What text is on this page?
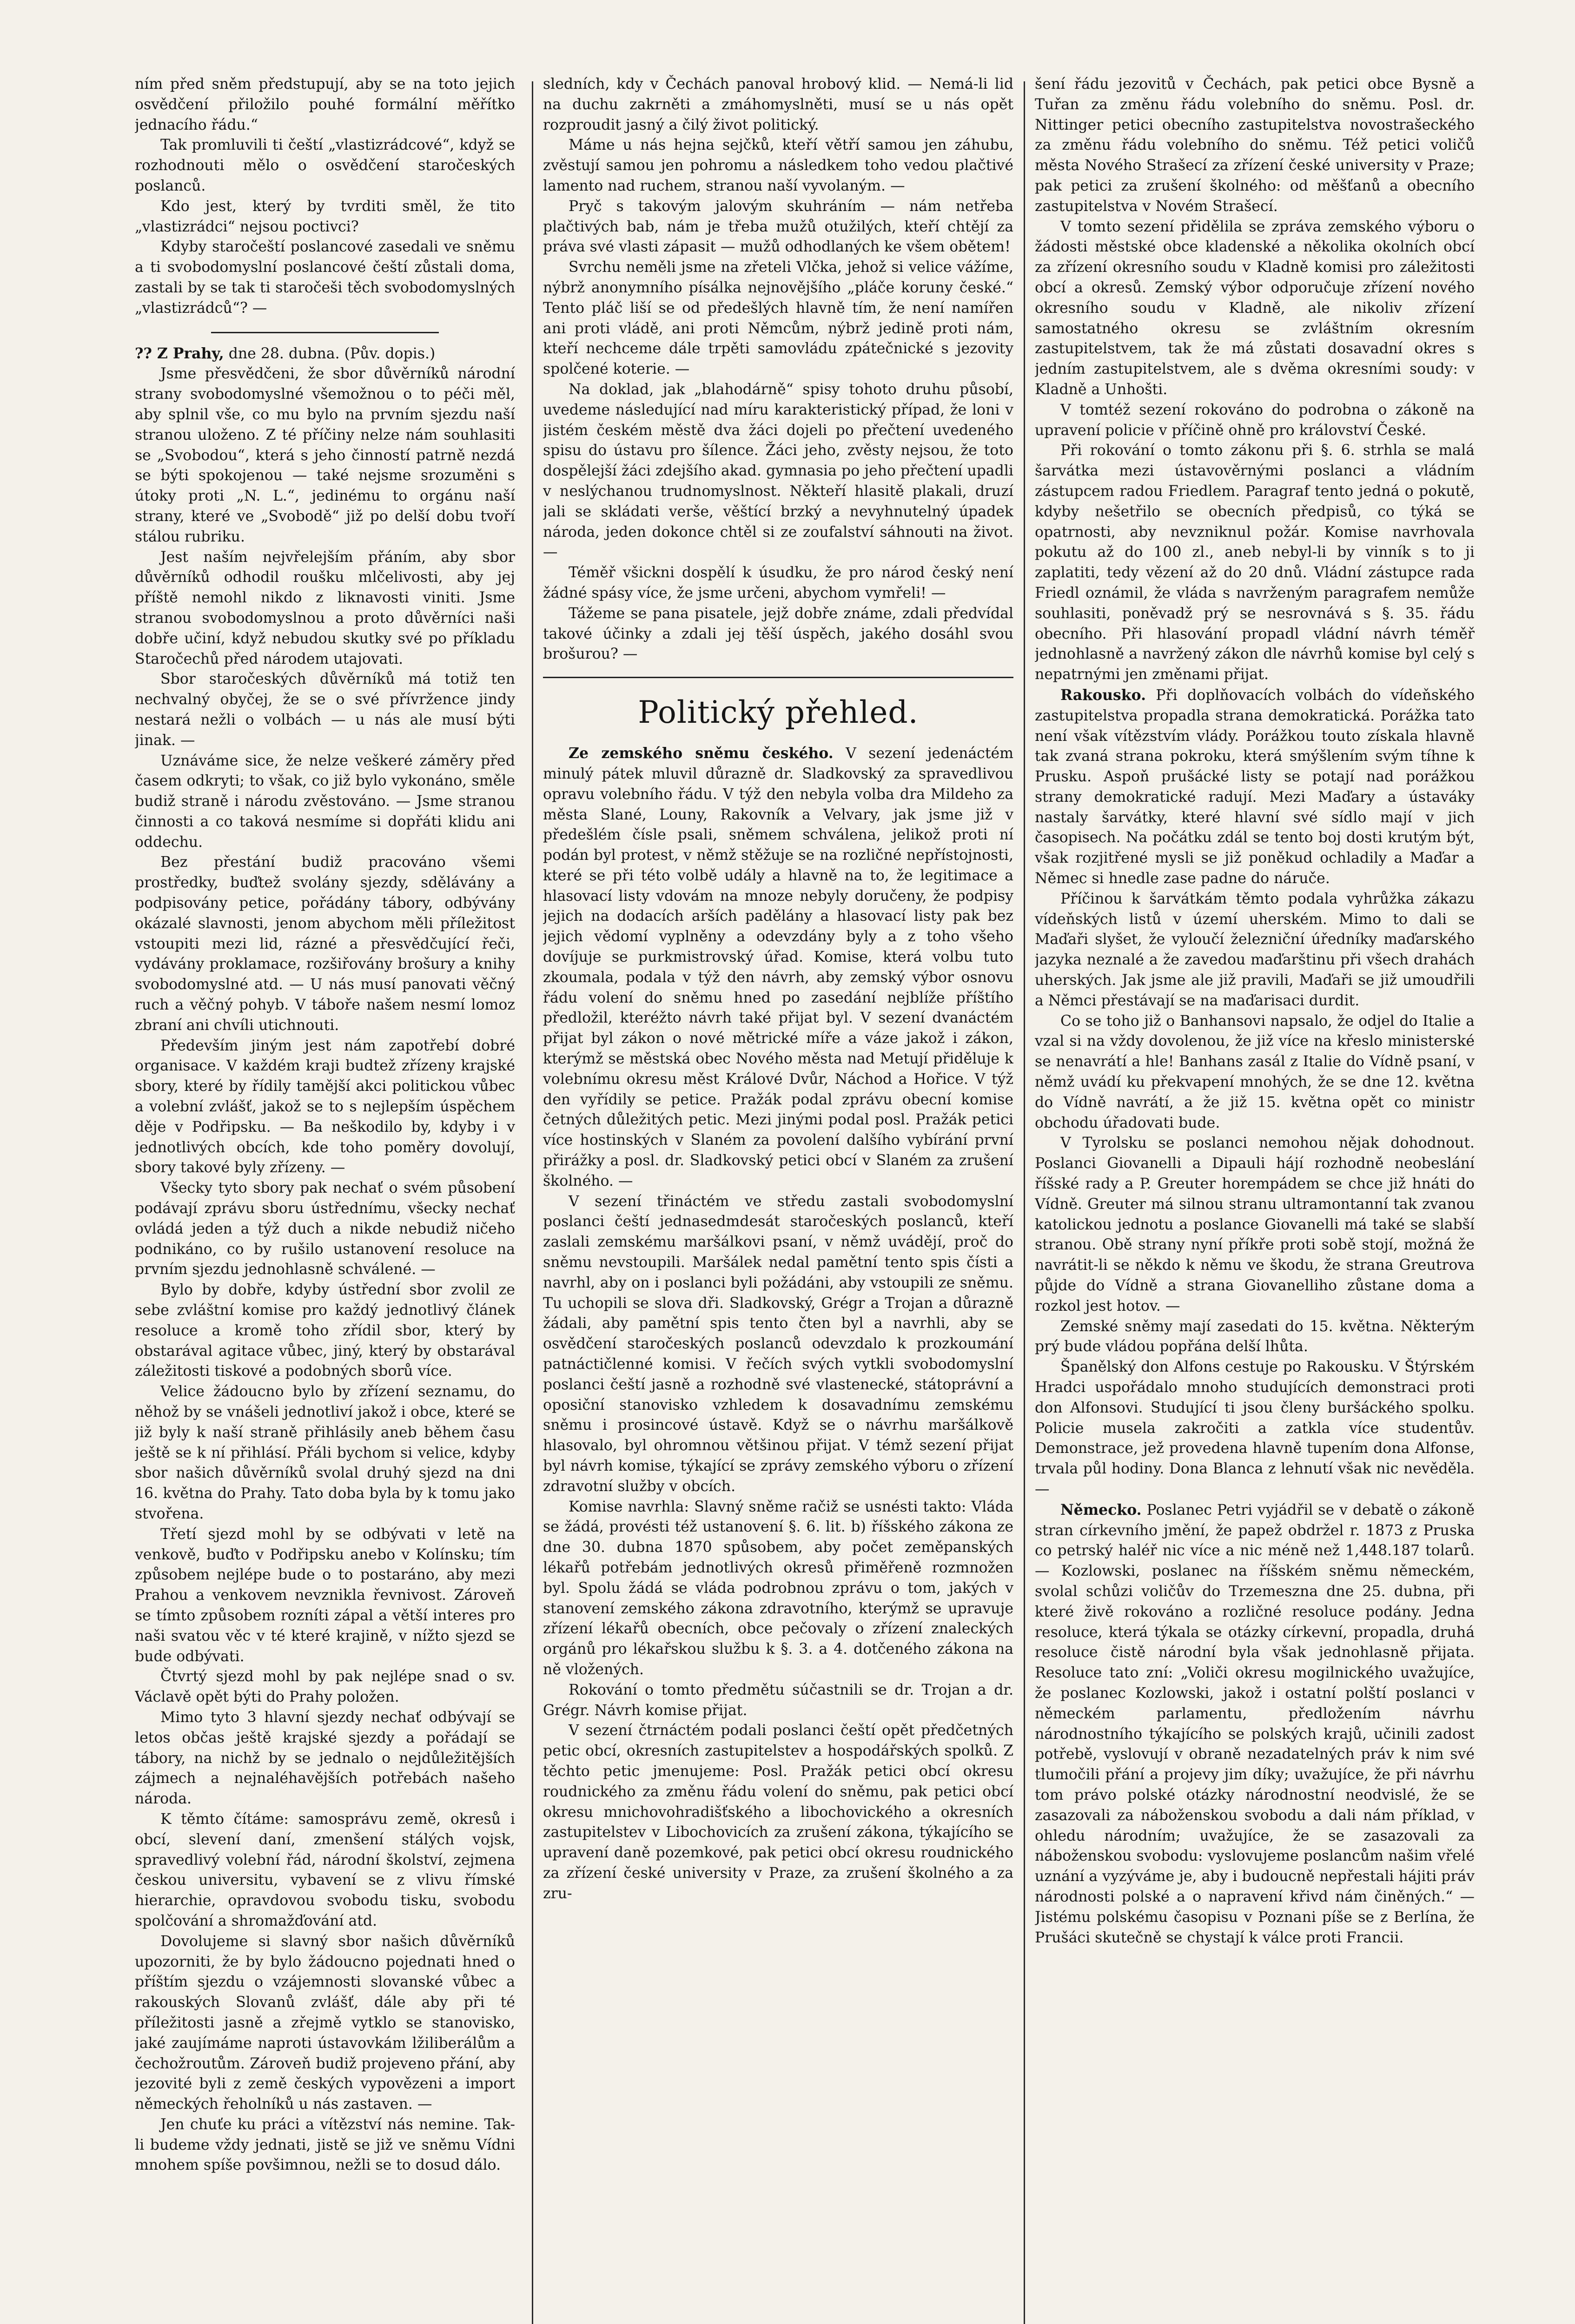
ním před sněm předstupují, aby se na toto jejich osvědčení přiložilo pouhé formální měřítko jednacího řádu.“

Tak promluvili ti čeští „vlastizrádcové“, když se rozhodnouti mělo o osvědčení staročeských poslanců.

Kdo jest, který by tvrditi směl, že tito „vlastizrádci“ nejsou poctivci?

Kdyby staročeští poslancové zasedali ve sněmu a ti svobodomyslní poslancové čeští zůstali doma, zastali by se tak ti staročeši těch svobodomyslných „vlastizrádců“? —

?? Z Prahy, dne 28. dubna. (Pův. dopis.)

Jsme přesvědčeni, že sbor důvěrníků národní strany svobodomyslné všemožnou o to péči měl, aby splnil vše, co mu bylo na prvním sjezdu naší stranou uloženo. Z té příčiny nelze nám souhlasiti se „Svobodou“, která s jeho činností patrně nezdá se býti spokojenou — také nejsme srozuměni s útoky proti „N. L.“, jedinému to orgánu naší strany, které ve „Svobodě“ již po delší dobu tvoří stálou rubriku.

Jest naším nejvřelejším přáním, aby sbor důvěrníků odhodil roušku mlčelivosti, aby jej příště nemohl nikdo z liknavosti viniti. Jsme stranou svobodomyslnou a proto důvěrníci naši dobře učiní, když nebudou skutky své po příkladu Staročechů před národem utajovati.

Sbor staročeských důvěrníků má totiž ten nechvalný obyčej, že se o své přívržence jindy nestará nežli o volbách — u nás ale musí býti jinak. —

Uznáváme sice, že nelze veškeré záměry před časem odkryti; to však, co již bylo vykonáno, směle budiž straně i národu zvěstováno. — Jsme stranou činnosti a co taková nesmíme si dopřáti klidu ani oddechu.

Bez přestání budiž pracováno všemi prostředky, buďtež svolány sjezdy, sdělávány a podpisovány petice, pořádány tábory, odbývány okázalé slavnosti, jenom abychom měli příležitost vstoupiti mezi lid, rázné a přesvědčující řeči, vydávány proklamace, rozšiřovány brošury a knihy svobodomyslné atd. — U nás musí panovati věčný ruch a věčný pohyb. V táboře našem nesmí lomoz zbraní ani chvíli utichnouti.

Především jiným jest nám zapotřebí dobré organisace. V každém kraji budtež zřízeny krajské sbory, které by řídily tamější akci politickou vůbec a volební zvlášť, jakož se to s nejlepším úspěchem děje v Podřipsku. — Ba neškodilo by, kdyby i v jednotlivých obcích, kde toho poměry dovolují, sbory takové byly zřízeny. —

Všecky tyto sbory pak nechať o svém působení podávají zprávu sboru ústřednímu, všecky nechať ovládá jeden a týž duch a nikde nebudiž ničeho podnikáno, co by rušilo ustanovení resoluce na prvním sjezdu jednohlasně schválené. —

Bylo by dobře, kdyby ústřední sbor zvolil ze sebe zvláštní komise pro každý jednotlivý článek resoluce a kromě toho zřídil sbor, který by obstarával agitace vůbec, jiný, který by obstarával záležitosti tiskové a podobných sborů více.

Velice žádoucno bylo by zřízení seznamu, do něhož by se vnášeli jednotliví jakož i obce, které se již byly k naší straně přihlásily aneb během času ještě se k ní přihlásí. Přáli bychom si velice, kdyby sbor našich důvěrníků svolal druhý sjezd na dni 16. května do Prahy. Tato doba byla by k tomu jako stvořena.

Třetí sjezd mohl by se odbývati v letě na venkově, buďto v Podřipsku anebo v Kolínsku; tím způsobem nejlépe bude o to postaráno, aby mezi Prahou a venkovem nevznikla řevnivost. Zároveň se tímto způsobem rozníti zápal a větší interes pro naši svatou věc v té které krajině, v nížto sjezd se bude odbývati.

Čtvrtý sjezd mohl by pak nejlépe snad o sv. Václavě opět býti do Prahy položen.

Mimo tyto 3 hlavní sjezdy nechať odbývají se letos občas ještě krajské sjezdy a pořádají se tábory, na nichž by se jednalo o nejdůležitějších zájmech a nejnaléhavějších potřebách našeho národa.

K těmto čítáme: samosprávu země, okresů i obcí, slevení daní, zmenšení stálých vojsk, spravedlivý volební řád, národní školství, zejmena českou universitu, vybavení se z vlivu římské hierarchie, opravdovou svobodu tisku, svobodu spolčování a shromažďování atd.

Dovolujeme si slavný sbor našich důvěrníků upozorniti, že by bylo žádoucno pojednati hned o příštím sjezdu o vzájemnosti slovanské vůbec a rakouských Slovanů zvlášť, dále aby při té příležitosti jasně a zřejmě vytklo se stanovisko, jaké zaujímáme naproti ústavovkám lžiliberálům a čechožroutům. Zároveň budiž projeveno přání, aby jezovité byli z země českých vypovězeni a import německých řeholníků u nás zastaven. —

Jen chuťe ku práci a vítězství nás nemine. Tak-li budeme vždy jednati, jistě se již ve sněmu Vídni mnohem spíše povšimnou, nežli se to dosud dálo.

sledních, kdy v Čechách panoval hrobový klid. — Nemá-li lid na duchu zakrněti a zmáhomyslněti, musí se u nás opět rozproudit jasný a čilý život politický.

Máme u nás hejna sejčků, kteří větří samou jen záhubu, zvěstují samou jen pohromu a následkem toho vedou plačtivé lamento nad ruchem, stranou naší vyvolaným. —

Pryč s takovým jalovým skuhráním — nám netřeba plačtivých bab, nám je třeba mužů otužilých, kteří chtějí za práva své vlasti zápasit — mužů odhodlaných ke všem obětem!

Svrchu neměli jsme na zřeteli Vlčka, jehož si velice vážíme, nýbrž anonymního písálka nejnovějšího „pláče koruny české.“ Tento pláč liší se od předešlých hlavně tím, že není namířen ani proti vládě, ani proti Němcům, nýbrž jedině proti nám, kteří nechceme dále trpěti samovládu zpátečnické s jezovity spolčené koterie. —

Na doklad, jak „blahodárně“ spisy tohoto druhu působí, uvedeme následující nad míru karakteristický případ, že loni v jistém českém městě dva žáci dojeli po přečtení uvedeného spisu do ústavu pro šílence. Žáci jeho, zvěsty nejsou, že toto dospělejší žáci zdejšího akad. gymnasia po jeho přečtení upadli v neslýchanou trudnomyslnost. Někteří hlasitě plakali, druzí jali se skládati verše, věštící brzký a nevyhnutelný úpadek národa, jeden dokonce chtěl si ze zoufalství sáhnouti na život. —

Téměř všickni dospělí k úsudku, že pro národ český není žádné spásy více, že jsme určeni, abychom vymřeli! —

Tážeme se pana pisatele, jejž dobře známe, zdali předvídal takové účinky a zdali jej těší úspěch, jakého dosáhl svou brošurou? —

Politický přehled.

Ze zemského sněmu českého. V sezení jedenáctém minulý pátek mluvil důrazně dr. Sladkovský za spravedlivou opravu volebního řádu. V týž den nebyla volba dra Mildeho za města Slané, Louny, Rakovník a Velvary, jak jsme již v předešlém čísle psali, sněmem schválena, jelikož proti ní podán byl protest, v němž stěžuje se na rozličné nepřístojnosti, které se při této volbě udály a hlavně na to, že legitimace a hlasovací listy vdovám na mnoze nebyly doručeny, že podpisy jejich na dodacích arších padělány a hlasovací listy pak bez jejich vědomí vyplněny a odevzdány byly a z toho všeho dovíjuje se purkmistrovský úřad. Komise, která volbu tuto zkoumala, podala v týž den návrh, aby zemský výbor osnovu řádu volení do sněmu hned po zasedání nejblíže příštího předložil, kteréžto návrh také přijat byl. V sezení dvanáctém přijat byl zákon o nové mětrické míře a váze jakož i zákon, kterýmž se městská obec Nového města nad Metují přiděluje k volebnímu okresu měst Králové Dvůr, Náchod a Hořice. V týž den vyřídily se petice. Pražák podal zprávu obecní komise četných důležitých petic. Mezi jinými podal posl. Pražák petici více hostinských v Slaném za povolení dalšího vybírání první přirážky a posl. dr. Sladkovský petici obcí v Slaném za zrušení školného. —

V sezení třináctém ve středu zastali svobodomyslní poslanci čeští jednasedmdesát staročeských poslanců, kteří zaslali zemskému maršálkovi psaní, v němž uvádějí, proč do sněmu nevstoupili. Maršálek nedal pamětní tento spis čísti a navrhl, aby on i poslanci byli požádáni, aby vstoupili ze sněmu. Tu uchopili se slova dři. Sladkovský, Grégr a Trojan a důrazně žádali, aby pamětní spis tento čten byl a navrhli, aby se osvědčení staročeských poslanců odevzdalo k prozkoumání patnáctičlenné komisi. V řečích svých vytkli svobodomyslní poslanci čeští jasně a rozhodně své vlastenecké, státoprávní a oposiční stanovisko vzhledem k dosavadnímu zemskému sněmu i prosincové ústavě. Když se o návrhu maršálkově hlasovalo, byl ohromnou většinou přijat. V témž sezení přijat byl návrh komise, týkající se zprávy zemského výboru o zřízení zdravotní služby v obcích.

Komise navrhla: Slavný sněme račiž se usnésti takto: Vláda se žádá, provésti též ustanovení §. 6. lit. b) říšského zákona ze dne 30. dubna 1870 spůsobem, aby počet zeměpanských lékařů potřebám jednotlivých okresů přiměřeně rozmnožen byl. Spolu žádá se vláda podrobnou zprávu o tom, jakých v stanovení zemského zákona zdravotního, kterýmž se upravuje zřízení lékařů obecních, obce pečovaly o zřízení znaleckých orgánů pro lékařskou službu k §. 3. a 4. dotčeného zákona na ně vložených.

Rokování o tomto předmětu súčastnili se dr. Trojan a dr. Grégr. Návrh komise přijat.

V sezení čtrnáctém podali poslanci čeští opět předčetných petic obcí, okresních zastupitelstev a hospodářských spolků. Z těchto petic jmenujeme: Posl. Pražák petici obcí okresu roudnického za změnu řádu volení do sněmu, pak petici obcí okresu mnichovohradišťského a libochovického a okresních zastupitelstev v Libochovicích za zrušení zákona, týkajícího se upravení daně pozemkové, pak petici obcí okresu roudnického za zřízení české university v Praze, za zrušení školného a za zru-

šení řádu jezovitů v Čechách, pak petici obce Bysně a Tuřan za změnu řádu volebního do sněmu. Posl. dr. Nittinger petici obecního zastupitelstva novostrašeckého za změnu řádu volebního do sněmu. Též petici voličů města Nového Strašecí za zřízení české university v Praze; pak petici za zrušení školného: od měšťanů a obecního zastupitelstva v Novém Strašecí.

V tomto sezení přidělila se zpráva zemského výboru o žádosti městské obce kladenské a několika okolních obcí za zřízení okresního soudu v Kladně komisi pro záležitosti obcí a okresů. Zemský výbor odporučuje zřízení nového okresního soudu v Kladně, ale nikoliv zřízení samostatného okresu se zvláštním okresním zastupitelstvem, tak že má zůstati dosavadní okres s jedním zastupitelstvem, ale s dvěma okresními soudy: v Kladně a Unhošti.

V tomtéž sezení rokováno do podrobna o zákoně na upravení policie v příčině ohně pro království České.

Při rokování o tomto zákonu při §. 6. strhla se malá šarvátka mezi ústavověrnými poslanci a vládním zástupcem radou Friedlem. Paragraf tento jedná o pokutě, kdyby nešetřilo se obecních předpisů, co týká se opatrnosti, aby nevzniknul požár. Komise navrhovala pokutu až do 100 zl., aneb nebyl-li by vinník s to ji zaplatiti, tedy vězení až do 20 dnů. Vládní zástupce rada Friedl oznámil, že vláda s navrženým paragrafem nemůže souhlasiti, poněvadž prý se nesrovnává s §. 35. řádu obecního. Při hlasování propadl vládní návrh téměř jednohlasně a navržený zákon dle návrhů komise byl celý s nepatrnými jen změnami přijat.

Rakousko. Při doplňovacích volbách do vídeňského zastupitelstva propadla strana demokratická. Porážka tato není však vítězstvím vlády. Porážkou touto získala hlavně tak zvaná strana pokroku, která smýšlením svým tíhne k Prusku. Aspoň prušácké listy se potají nad porážkou strany demokratické radují. Mezi Maďary a ústaváky nastaly šarvátky, které hlavní své sídlo mají v jich časopisech. Na počátku zdál se tento boj dosti krutým být, však rozjitřené mysli se již poněkud ochladily a Maďar a Němec si hnedle zase padne do náruče.

Příčinou k šarvátkám těmto podala vyhrůžka zákazu vídeňských listů v území uherském. Mimo to dali se Maďaři slyšet, že vyloučí železniční úředníky maďarského jazyka neznalé a že zavedou maďarštinu při všech drahách uherských. Jak jsme ale již pravili, Maďaři se již umoudřili a Němci přestávají se na maďarisaci durdit.

Co se toho již o Banhansovi napsalo, že odjel do Italie a vzal si na vždy dovolenou, že již více na křeslo ministerské se nenavrátí a hle! Banhans zasál z Italie do Vídně psaní, v němž uvádí ku překvapení mnohých, že se dne 12. května do Vídně navrátí, a že již 15. května opět co ministr obchodu úřadovati bude.

V Tyrolsku se poslanci nemohou nějak dohodnout. Poslanci Giovanelli a Dipauli hájí rozhodně neobeslání říšské rady a P. Greuter horempádem se chce již hnáti do Vídně. Greuter má silnou stranu ultramontanní tak zvanou katolickou jednotu a poslance Giovanelli má také se slabší stranou. Obě strany nyní příkře proti sobě stojí, možná že navrátit-li se někdo k němu ve škodu, že strana Greutrova půjde do Vídně a strana Giovanelliho zůstane doma a rozkol jest hotov. —

Zemské sněmy mají zasedati do 15. května. Některým prý bude vládou popřána delší lhůta.

Španělský don Alfons cestuje po Rakousku. V Štýrském Hradci uspořádalo mnoho studujících demonstraci proti don Alfonsovi. Studující ti jsou členy buršáckého spolku. Policie musela zakročiti a zatkla více studentův. Demonstrace, jež provedena hlavně tupením dona Alfonse, trvala půl hodiny. Dona Blanca z lehnutí však nic nevěděla. —

Německo. Poslanec Petri vyjádřil se v debatě o zákoně stran církevního jmění, že papež obdržel r. 1873 z Pruska co petrský haléř nic více a nic méně než 1,448.187 tolarů. — Kozlowski, poslanec na říšském sněmu německém, svolal schůzi voličův do Trzemeszna dne 25. dubna, při které živě rokováno a rozličné resoluce podány. Jedna resoluce, která týkala se otázky církevní, propadla, druhá resoluce čistě národní byla však jednohlasně přijata. Resoluce tato zní: „Voliči okresu mogilnického uvažujíce, že poslanec Kozlowski, jakož i ostatní polští poslanci v německém parlamentu, předložením návrhu národnostního týkajícího se polských krajů, učinili zadost potřebě, vyslovují v obraně nezadatelných práv k nim své tlumočili přání a projevy jim díky; uvažujíce, že při návrhu tom právo polské otázky národnostní neodvislé, že se zasazovali za náboženskou svobodu a dali nám příklad, v ohledu národním; uvažujíce, že se zasazovali za náboženskou svobodu: vyslovujeme poslancům našim vřelé uznání a vyzýváme je, aby i budoucně nepřestali hájiti práv národnosti polské a o napravení křivd nám činěných.“ — Jistému polskému časopisu v Poznani píše se z Berlína, že Prušáci skutečně se chystají k válce proti Francii.
